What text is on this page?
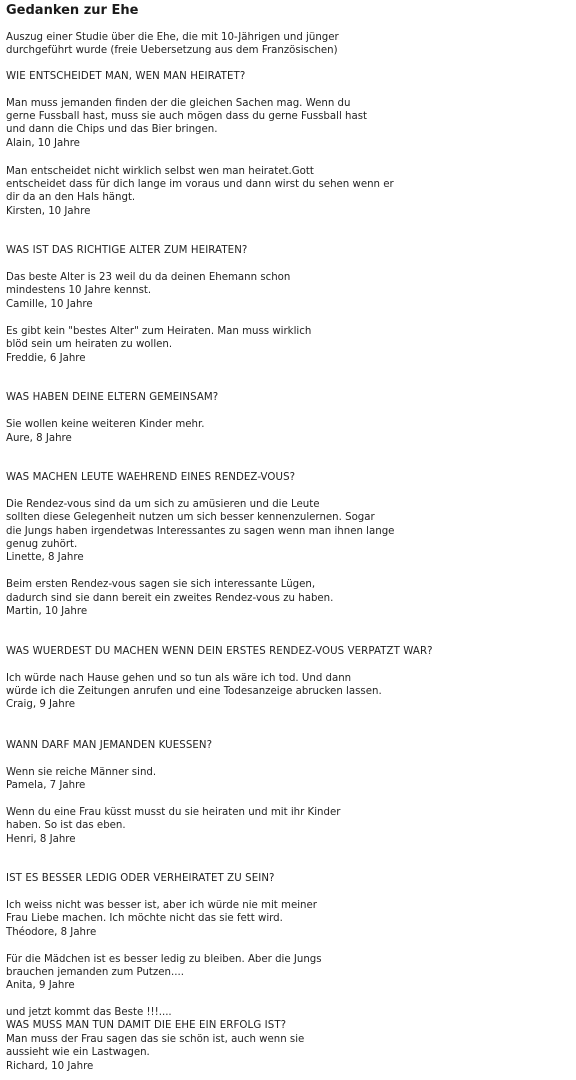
Gedanken zur Ehe
Auszug einer Studie über die Ehe, die mit 10-Jährigen und jünger
durchgeführt wurde (freie Uebersetzung aus dem Französischen)
WIE ENTSCHEIDET MAN, WEN MAN HEIRATET?
Man muss jemanden finden der die gleichen Sachen mag. Wenn du
gerne Fussball hast, muss sie auch mögen dass du gerne Fussball hast
und dann die Chips und das Bier bringen.
Alain, 10 Jahre
Man entscheidet nicht wirklich selbst wen man heiratet.Gott
entscheidet dass für dich lange im voraus und dann wirst du sehen wenn er
dir da an den Hals hängt.
Kirsten, 10 Jahre
WAS IST DAS RICHTIGE ALTER ZUM HEIRATEN?
Das beste Alter is 23 weil du da deinen Ehemann schon
mindestens 10 Jahre kennst.
Camille, 10 Jahre
Es gibt kein "bestes Alter" zum Heiraten. Man muss wirklich
blöd sein um heiraten zu wollen.
Freddie, 6 Jahre
WAS HABEN DEINE ELTERN GEMEINSAM?
Sie wollen keine weiteren Kinder mehr.
Aure, 8 Jahre
WAS MACHEN LEUTE WAEHREND EINES RENDEZ-VOUS?
Die Rendez-vous sind da um sich zu amüsieren und die Leute
sollten diese Gelegenheit nutzen um sich besser kennenzulernen. Sogar
die Jungs haben irgendetwas Interessantes zu sagen wenn man ihnen lange
genug zuhört.
Linette, 8 Jahre
Beim ersten Rendez-vous sagen sie sich interessante Lügen,
dadurch sind sie dann bereit ein zweites Rendez-vous zu haben.
Martin, 10 Jahre
WAS WUERDEST DU MACHEN WENN DEIN ERSTES RENDEZ-VOUS VERPATZT WAR?
Ich würde nach Hause gehen und so tun als wäre ich tod. Und dann
würde ich die Zeitungen anrufen und eine Todesanzeige abrucken lassen.
Craig, 9 Jahre
WANN DARF MAN JEMANDEN KUESSEN?
Wenn sie reiche Männer sind.
Pamela, 7 Jahre
Wenn du eine Frau küsst musst du sie heiraten und mit ihr Kinder
haben. So ist das eben.
Henri, 8 Jahre
IST ES BESSER LEDIG ODER VERHEIRATET ZU SEIN?
Ich weiss nicht was besser ist, aber ich würde nie mit meiner
Frau Liebe machen. Ich möchte nicht das sie fett wird.
Théodore, 8 Jahre
Für die Mädchen ist es besser ledig zu bleiben. Aber die Jungs
brauchen jemanden zum Putzen....
Anita, 9 Jahre
und jetzt kommt das Beste !!!....
WAS MUSS MAN TUN DAMIT DIE EHE EIN ERFOLG IST?
Man muss der Frau sagen das sie schön ist, auch wenn sie
aussieht wie ein Lastwagen.
Richard, 10 Jahre
